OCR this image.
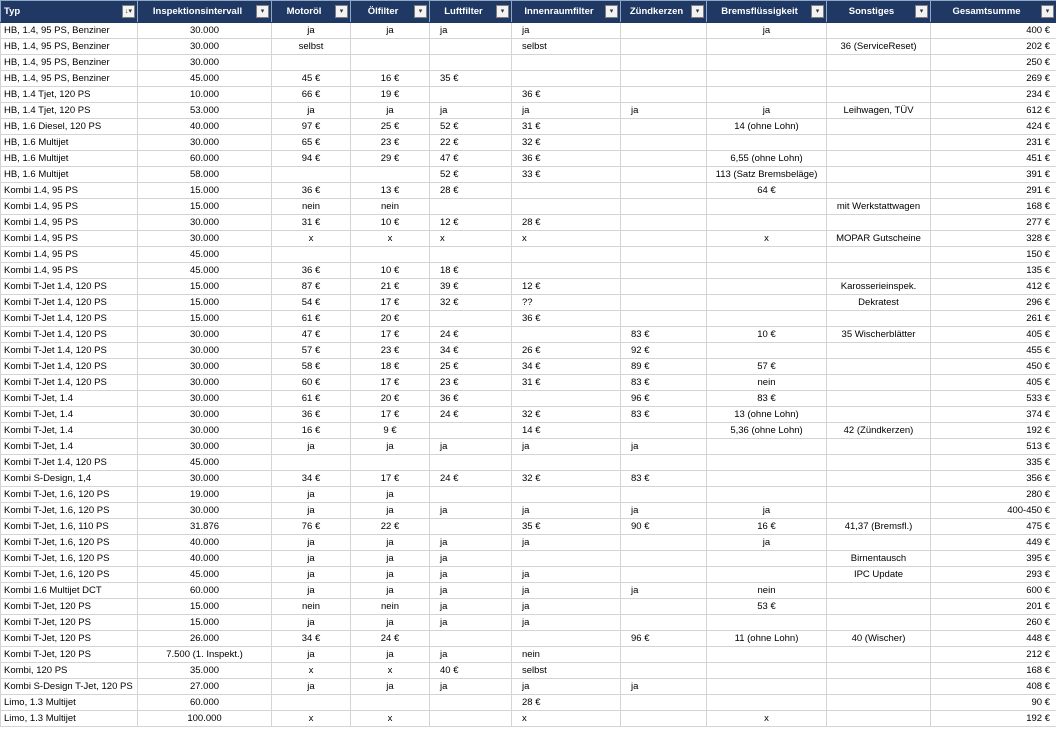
Typ ↓▾	Inspektionsintervall ▾	Motoröl ▾	Ölfilter ▾	Luftfilter ▾	Innenraumfilter ▾	Zündkerzen ▾	Bremsflüssigkeit ▾	Sonstiges ▾	Gesamtsumme ▾

HB, 1.4, 95 PS, Benziner	30.000	ja	ja	ja	ja		ja		400 €
HB, 1.4, 95 PS, Benziner	30.000	selbst			selbst			36 (ServiceReset)	202 €
HB, 1.4, 95 PS, Benziner	30.000								250 €
HB, 1.4, 95 PS, Benziner	45.000	45 €	16 €	35 €					269 €
HB, 1.4 Tjet, 120 PS	10.000	66 €	19 €		36 €				234 €
HB, 1.4 Tjet, 120 PS	53.000	ja	ja	ja	ja	ja	ja	Leihwagen, TÜV	612 €
HB, 1.6 Diesel, 120 PS	40.000	97 €	25 €	52 €	31 €		14 (ohne Lohn)		424 €
HB, 1.6 Multijet	30.000	65 €	23 €	22 €	32 €				231 €
HB, 1.6 Multijet	60.000	94 €	29 €	47 €	36 €		6,55 (ohne Lohn)		451 €
HB, 1.6 Multijet	58.000			52 €	33 €		113 (Satz Bremsbeläge)		391 €
Kombi 1.4, 95 PS	15.000	36 €	13 €	28 €			64 €		291 €
Kombi 1.4, 95 PS	15.000	nein	nein					mit Werkstattwagen	168 €
Kombi 1.4, 95 PS	30.000	31 €	10 €	12 €	28 €				277 €
Kombi 1.4, 95 PS	30.000	x	x	x	x		x	MOPAR Gutscheine	328 €
Kombi 1.4, 95 PS	45.000								150 €
Kombi 1.4, 95 PS	45.000	36 €	10 €	18 €					135 €
Kombi T-Jet 1.4, 120 PS	15.000	87 €	21 €	39 €	12 €			Karosserieinspek.	412 €
Kombi T-Jet 1.4, 120 PS	15.000	54 €	17 €	32 €	??			Dekratest	296 €
Kombi T-Jet 1.4, 120 PS	15.000	61 €	20 €		36 €				261 €
Kombi T-Jet 1.4, 120 PS	30.000	47 €	17 €	24 €		83 €	10 €	35 Wischerblätter	405 €
Kombi T-Jet 1.4, 120 PS	30.000	57 €	23 €	34 €	26 €	92 €			455 €
Kombi T-Jet 1.4, 120 PS	30.000	58 €	18 €	25 €	34 €	89 €	57 €		450 €
Kombi T-Jet 1.4, 120 PS	30.000	60 €	17 €	23 €	31 €	83 €	nein		405 €
Kombi T-Jet, 1.4	30.000	61 €	20 €	36 €		96 €	83 €		533 €
Kombi T-Jet, 1.4	30.000	36 €	17 €	24 €	32 €	83 €	13 (ohne Lohn)		374 €
Kombi T-Jet, 1.4	30.000	16 €	9 €		14 €		5,36 (ohne Lohn)	42 (Zündkerzen)	192 €
Kombi T-Jet, 1.4	30.000	ja	ja	ja	ja	ja			513 €
Kombi T-Jet 1.4, 120 PS	45.000								335 €
Kombi S-Design, 1,4	30.000	34 €	17 €	24 €	32 €	83 €			356 €
Kombi T-Jet, 1.6, 120 PS	19.000	ja	ja						280 €
Kombi T-Jet, 1.6, 120 PS	30.000	ja	ja	ja	ja	ja	ja		400-450 €
Kombi T-Jet, 1.6, 110 PS	31.876	76 €	22 €		35 €	90 €	16 €	41,37 (Bremsfl.)	475 €
Kombi T-Jet, 1.6, 120 PS	40.000	ja	ja	ja	ja		ja		449 €
Kombi T-Jet, 1.6, 120 PS	40.000	ja	ja	ja				Birnentausch	395 €
Kombi T-Jet, 1.6, 120 PS	45.000	ja	ja	ja	ja			IPC Update	293 €
Kombi 1.6 Multijet DCT	60.000	ja	ja	ja	ja	ja	nein		600 €
Kombi T-Jet, 120 PS	15.000	nein	nein	ja	ja		53 €		201 €
Kombi T-Jet, 120 PS	15.000	ja	ja	ja	ja				260 €
Kombi T-Jet, 120 PS	26.000	34 €	24 €			96 €	11 (ohne Lohn)	40 (Wischer)	448 €
Kombi T-Jet, 120 PS	7.500 (1. Inspekt.)	ja	ja	ja	nein				212 €
Kombi, 120 PS	35.000	x	x	40 €	selbst				168 €
Kombi S-Design T-Jet, 120 PS	27.000	ja	ja	ja	ja	ja			408 €
Limo, 1.3 Multijet	60.000				28 €				90 €
Limo, 1.3 Multijet	100.000	x	x		x		x		192 €
